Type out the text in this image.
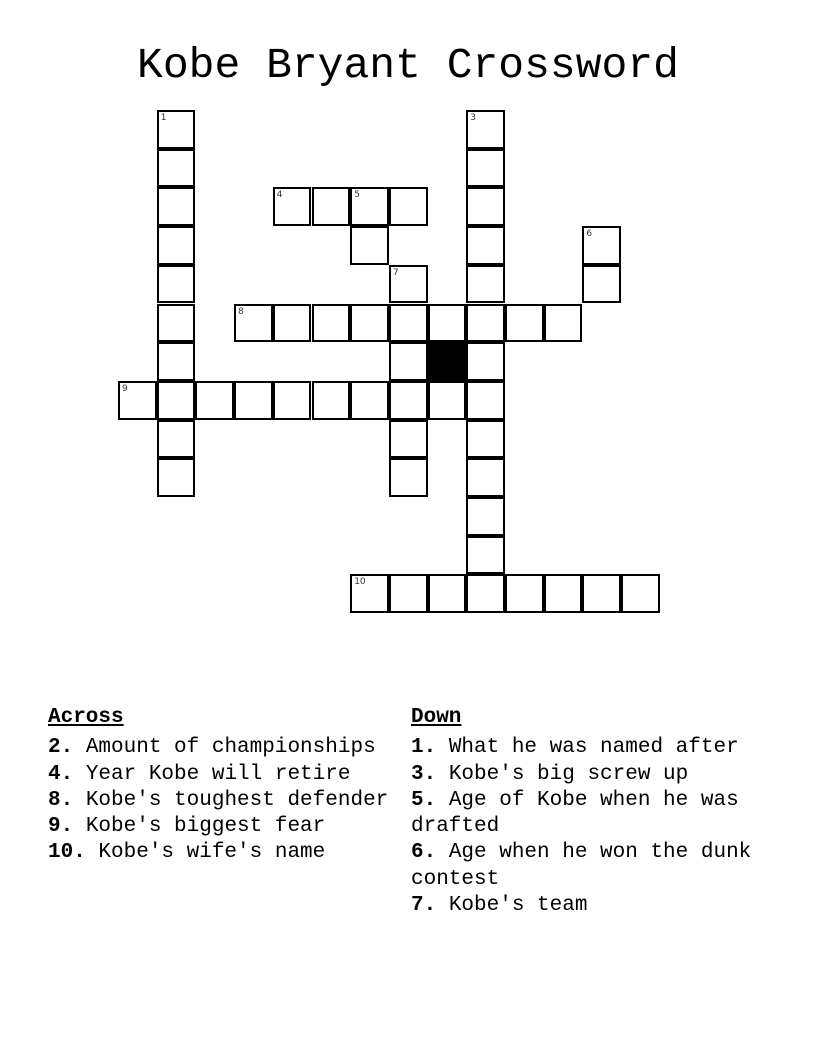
Kobe Bryant Crossword
1	3
4	5
6
7
8
9
10
Across
2. Amount of championships
4. Year Kobe will retire
8. Kobe's toughest defender
9. Kobe's biggest fear
10. Kobe's wife's name
Down
1. What he was named after
3. Kobe's big screw up
5. Age of Kobe when he was drafted
6. Age when he won the dunk contest
7. Kobe's team
